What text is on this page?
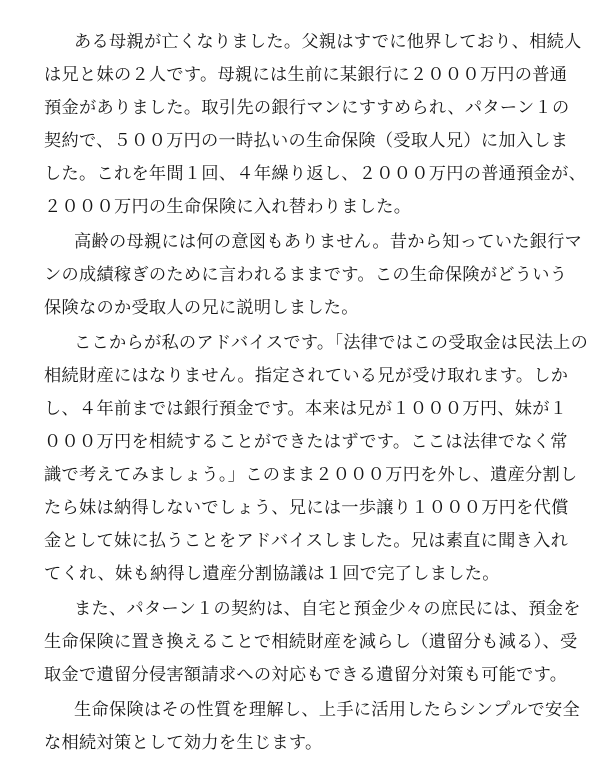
ある母親が亡くなりました。父親はすでに他界しており、相続人
は兄と妹の２人です。母親には生前に某銀行に２０００万円の普通
預金がありました。取引先の銀行マンにすすめられ、パターン１の
契約で、５００万円の一時払いの生命保険（受取人兄）に加入しま
した。これを年間１回、４年繰り返し、２０００万円の普通預金が、
２０００万円の生命保険に入れ替わりました。
高齢の母親には何の意図もありません。昔から知っていた銀行マ
ンの成績稼ぎのために言われるままです。この生命保険がどういう
保険なのか受取人の兄に説明しました。
ここからが私のアドバイスです。「法律ではこの受取金は民法上の
相続財産にはなりません。指定されている兄が受け取れます。しか
し、４年前までは銀行預金です。本来は兄が１０００万円、妹が１
０００万円を相続することができたはずです。ここは法律でなく常
識で考えてみましょう。」このまま２０００万円を外し、遺産分割し
たら妹は納得しないでしょう、兄には一歩譲り１０００万円を代償
金として妹に払うことをアドバイスしました。兄は素直に聞き入れ
てくれ、妹も納得し遺産分割協議は１回で完了しました。
また、パターン１の契約は、自宅と預金少々の庶民には、預金を
生命保険に置き換えることで相続財産を減らし（遺留分も減る）、受
取金で遺留分侵害額請求への対応もできる遺留分対策も可能です。
生命保険はその性質を理解し、上手に活用したらシンプルで安全
な相続対策として効力を生じます。
